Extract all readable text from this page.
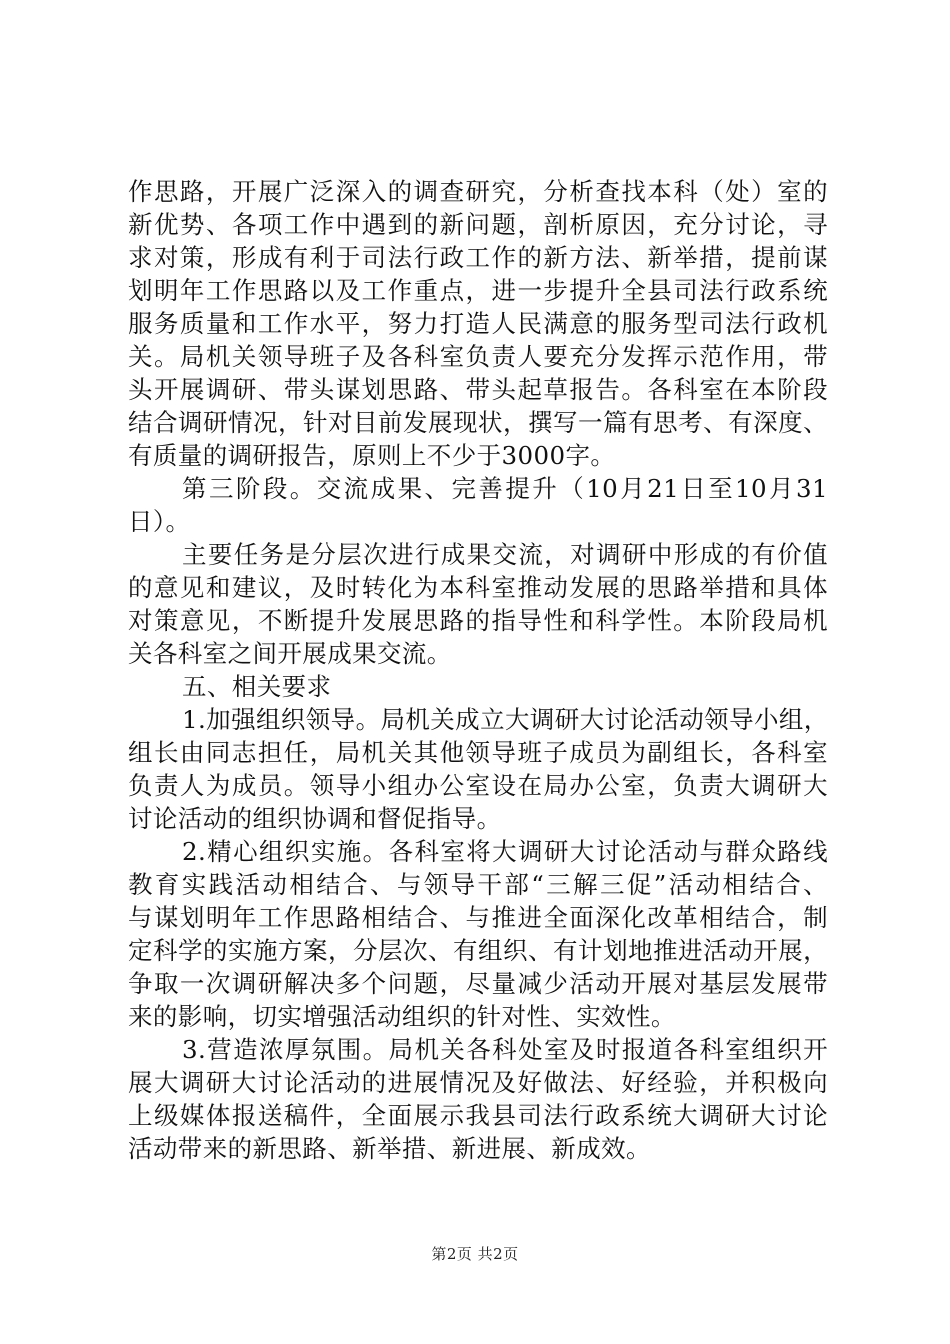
作思路，开展广泛深入的调查研究，分析查找本科（处）室的
新优势、各项工作中遇到的新问题，剖析原因，充分讨论，寻
求对策，形成有利于司法行政工作的新方法、新举措，提前谋
划明年工作思路以及工作重点，进一步提升全县司法行政系统
服务质量和工作水平，努力打造人民满意的服务型司法行政机
关。局机关领导班子及各科室负责人要充分发挥示范作用，带
头开展调研、带头谋划思路、带头起草报告。各科室在本阶段
结合调研情况，针对目前发展现状，撰写一篇有思考、有深度、
有质量的调研报告，原则上不少于3000字。
第三阶段。交流成果、完善提升（10月21日至10月31
日）。
主要任务是分层次进行成果交流，对调研中形成的有价值
的意见和建议，及时转化为本科室推动发展的思路举措和具体
对策意见，不断提升发展思路的指导性和科学性。本阶段局机
关各科室之间开展成果交流。
五、相关要求
1.加强组织领导。局机关成立大调研大讨论活动领导小组，
组长由同志担任，局机关其他领导班子成员为副组长，各科室
负责人为成员。领导小组办公室设在局办公室，负责大调研大
讨论活动的组织协调和督促指导。
2.精心组织实施。各科室将大调研大讨论活动与群众路线
教育实践活动相结合、与领导干部“三解三促”活动相结合、
与谋划明年工作思路相结合、与推进全面深化改革相结合，制
定科学的实施方案，分层次、有组织、有计划地推进活动开展，
争取一次调研解决多个问题，尽量减少活动开展对基层发展带
来的影响，切实增强活动组织的针对性、实效性。
3.营造浓厚氛围。局机关各科处室及时报道各科室组织开
展大调研大讨论活动的进展情况及好做法、好经验，并积极向
上级媒体报送稿件，全面展示我县司法行政系统大调研大讨论
活动带来的新思路、新举措、新进展、新成效。
第2页 共2页
